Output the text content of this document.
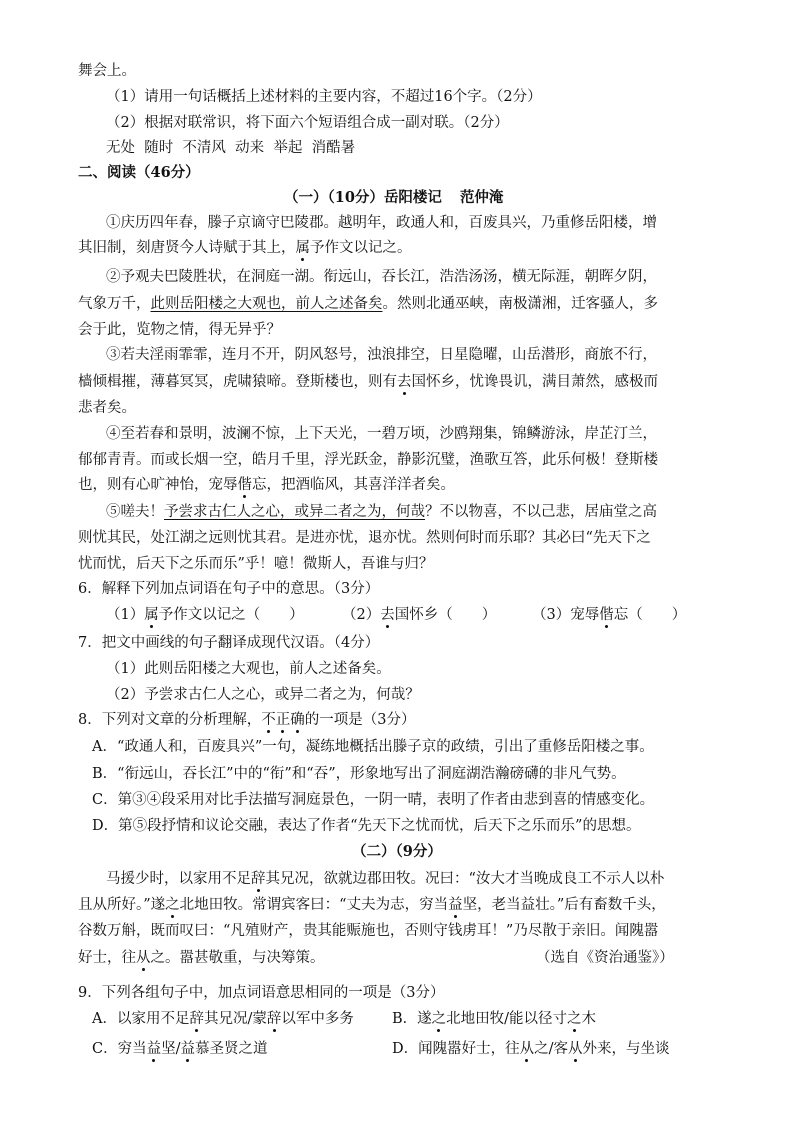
舞会上。
（1）请用一句话概括上述材料的主要内容，不超过16个字。（2分）
（2）根据对联常识，将下面六个短语组合成一副对联。（2分）
无处  随时  不清风  动来  举起  消酷暑
二、阅读（46分）
（一）（10分）岳阳楼记 范仲淹
①庆历四年春，滕子京谪守巴陵郡。越明年，政通人和，百废具兴，乃重修岳阳楼，增
其旧制，刻唐贤今人诗赋于其上，属予作文以记之。
②予观夫巴陵胜状，在洞庭一湖。衔远山，吞长江，浩浩汤汤，横无际涯，朝晖夕阴，
气象万千，此则岳阳楼之大观也，前人之述备矣。然则北通巫峡，南极潇湘，迁客骚人，多
会于此，览物之情，得无异乎？
③若夫淫雨霏霏，连月不开，阴风怒号，浊浪排空，日星隐曜，山岳潜形，商旅不行，
樯倾楫摧，薄暮冥冥，虎啸猿啼。登斯楼也，则有去国怀乡，忧谗畏讥，满目萧然，感极而
悲者矣。
④至若春和景明，波澜不惊，上下天光，一碧万顷，沙鸥翔集，锦鳞游泳，岸芷汀兰，
郁郁青青。而或长烟一空，皓月千里，浮光跃金，静影沉璧，渔歌互答，此乐何极！登斯楼
也，则有心旷神怡，宠辱偕忘，把酒临风，其喜洋洋者矣。
⑤嗟夫！予尝求古仁人之心，或异二者之为，何哉？不以物喜，不以己悲，居庙堂之高
则忧其民，处江湖之远则忧其君。是进亦忧，退亦忧。然则何时而乐耶？其必曰“先天下之
忧而忧，后天下之乐而乐”乎！噫！微斯人，吾谁与归？
6．解释下列加点词语在句子中的意思。（3分）
（1）属予作文以记之（　　）	（2）去国怀乡（　　） （3）宠辱偕忘（　　）
7．把文中画线的句子翻译成现代汉语。（4分）
（1）此则岳阳楼之大观也，前人之述备矣。
（2）予尝求古仁人之心，或异二者之为，何哉？
8．下列对文章的分析理解，不正确的一项是（3分）
A．“政通人和，百废具兴”一句，凝练地概括出滕子京的政绩，引出了重修岳阳楼之事。
B．“衔远山，吞长江”中的“衔”和“吞”，形象地写出了洞庭湖浩瀚磅礴的非凡气势。
C．第③④段采用对比手法描写洞庭景色，一阴一晴，表明了作者由悲到喜的情感变化。
D．第⑤段抒情和议论交融，表达了作者“先天下之忧而忧，后天下之乐而乐”的思想。
（二）（9分）
马援少时，以家用不足辞其兄况，欲就边郡田牧。况曰：“汝大才当晚成良工不示人以朴
且从所好。”遂之北地田牧。常谓宾客曰：“丈夫为志，穷当益坚，老当益壮。”后有畜数千头，
谷数万斛，既而叹曰：“凡殖财产，贵其能赈施也，否则守钱虏耳！”乃尽散于亲旧。闻隗嚣
好士，往从之。嚣甚敬重，与决筹策。	（选自《资治通鉴》）
9．下列各组句子中，加点词语意思相同的一项是（3分）
A．以家用不足辞其兄况/蒙辞以军中多务	B．遂之北地田牧/能以径寸之木
C．穷当益坚/益慕圣贤之道	D．闻隗嚣好士，往从之/客从外来，与坐谈
